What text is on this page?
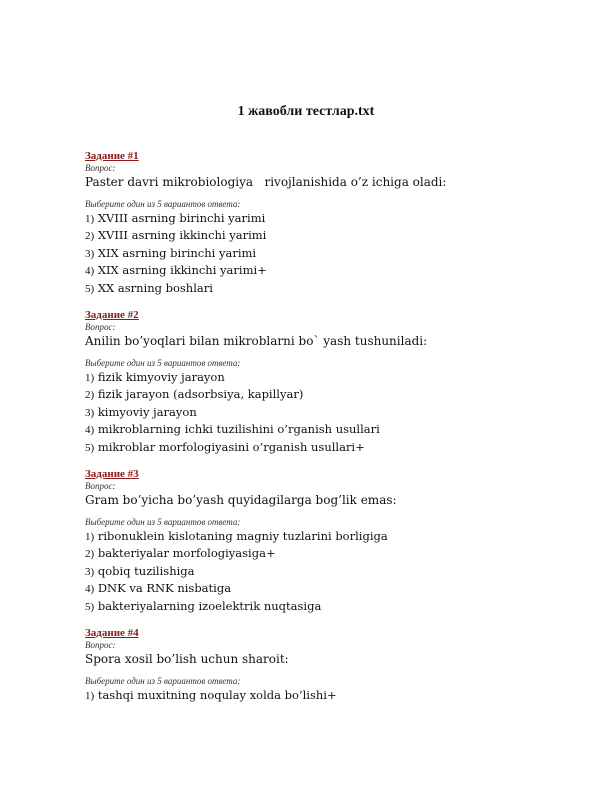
1 жавобли тестлар.txt
Задание #1
Вопрос:
Paster davri mikrobiologiya   rivojlanishida o’z ichiga oladi:
Выберите один из 5 вариантов ответа:
1) XVIII asrning birinchi yarimi
2) XVIII asrning ikkinchi yarimi
3) XIX asrning birinchi yarimi
4) XIX asrning ikkinchi yarimi+
5) XX asrning boshlari
Задание #2
Вопрос:
Anilin bo’yoqlari bilan mikroblarni bo` yash tushuniladi:
Выберите один из 5 вариантов ответа:
1) fizik kimyoviy jarayon
2) fizik jarayon (adsorbsiya, kapillyar)
3) kimyoviy jarayon
4) mikroblarning ichki tuzilishini o’rganish usullari
5) mikroblar morfologiyasini o’rganish usullari+
Задание #3
Вопрос:
Gram bo’yicha bo’yash quyidagilarga bog’lik emas:
Выберите один из 5 вариантов ответа:
1) ribonuklein kislotaning magniy tuzlarini borligiga
2) bakteriyalar morfologiyasiga+
3) qobiq tuzilishiga
4) DNK va RNK nisbatiga
5) bakteriyalarning izoelektrik nuqtasiga
Задание #4
Вопрос:
Spora xosil bo’lish uchun sharoit:
Выберите один из 5 вариантов ответа:
1) tashqi muxitning noqulay xolda bo’lishi+
